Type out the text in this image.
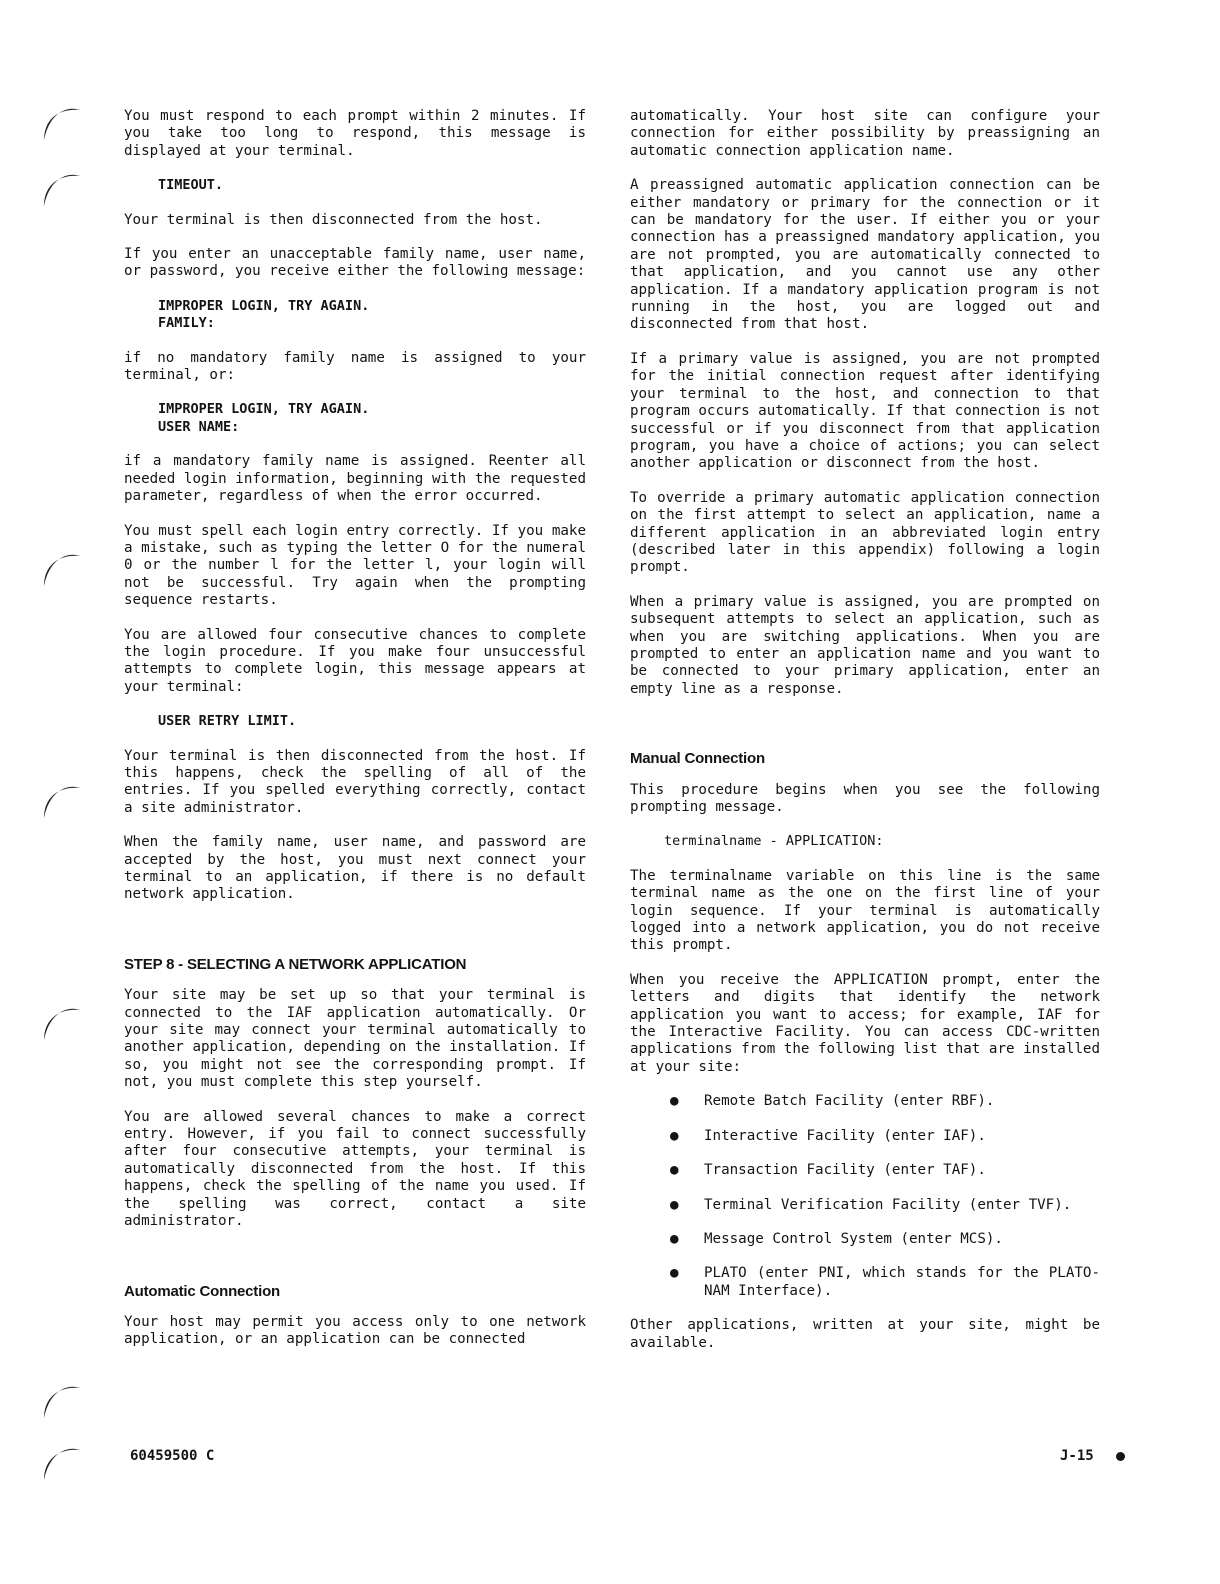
You must respond to each prompt within 2 minutes. If you take too long to respond, this message is displayed at your terminal.

TIMEOUT.

Your terminal is then disconnected from the host.

If you enter an unacceptable family name, user name, or password, you receive either the following message:

IMPROPER LOGIN, TRY AGAIN.
FAMILY:

if no mandatory family name is assigned to your terminal, or:

IMPROPER LOGIN, TRY AGAIN.
USER NAME:

if a mandatory family name is assigned. Reenter all needed login information, beginning with the requested parameter, regardless of when the error occurred.

You must spell each login entry correctly. If you make a mistake, such as typing the letter O for the numeral 0 or the number l for the letter l, your login will not be successful. Try again when the prompting sequence restarts.

You are allowed four consecutive chances to complete the login procedure. If you make four unsuccessful attempts to complete login, this message appears at your terminal:

USER RETRY LIMIT.

Your terminal is then disconnected from the host. If this happens, check the spelling of all of the entries. If you spelled everything correctly, contact a site administrator.

When the family name, user name, and password are accepted by the host, you must next connect your terminal to an application, if there is no default network application.

STEP 8 - SELECTING A NETWORK APPLICATION

Your site may be set up so that your terminal is connected to the IAF application automatically. Or your site may connect your terminal automatically to another application, depending on the installation. If so, you might not see the corresponding prompt. If not, you must complete this step yourself.

You are allowed several chances to make a correct entry. However, if you fail to connect successfully after four consecutive attempts, your terminal is automatically disconnected from the host. If this happens, check the spelling of the name you used. If the spelling was correct, contact a site administrator.

Automatic Connection

Your host may permit you access only to one network application, or an application can be connected

automatically. Your host site can configure your connection for either possibility by preassigning an automatic connection application name.

A preassigned automatic application connection can be either mandatory or primary for the connection or it can be mandatory for the user. If either you or your connection has a preassigned mandatory application, you are not prompted, you are automatically connected to that application, and you cannot use any other application. If a mandatory application program is not running in the host, you are logged out and disconnected from that host.

If a primary value is assigned, you are not prompted for the initial connection request after identifying your terminal to the host, and connection to that program occurs automatically. If that connection is not successful or if you disconnect from that application program, you have a choice of actions; you can select another application or disconnect from the host.

To override a primary automatic application connection on the first attempt to select an application, name a different application in an abbreviated login entry (described later in this appendix) following a login prompt.

When a primary value is assigned, you are prompted on subsequent attempts to select an application, such as when you are switching applications. When you are prompted to enter an application name and you want to be connected to your primary application, enter an empty line as a response.

Manual Connection

This procedure begins when you see the following prompting message.

terminalname - APPLICATION:

The terminalname variable on this line is the same terminal name as the one on the first line of your login sequence. If your terminal is automatically logged into a network application, you do not receive this prompt.

When you receive the APPLICATION prompt, enter the letters and digits that identify the network application you want to access; for example, IAF for the Interactive Facility. You can access CDC-written applications from the following list that are installed at your site:

● Remote Batch Facility (enter RBF).
● Interactive Facility (enter IAF).
● Transaction Facility (enter TAF).
● Terminal Verification Facility (enter TVF).
● Message Control System (enter MCS).
● PLATO (enter PNI, which stands for the PLATO-NAM Interface).

Other applications, written at your site, might be available.

60459500 C	J-15
